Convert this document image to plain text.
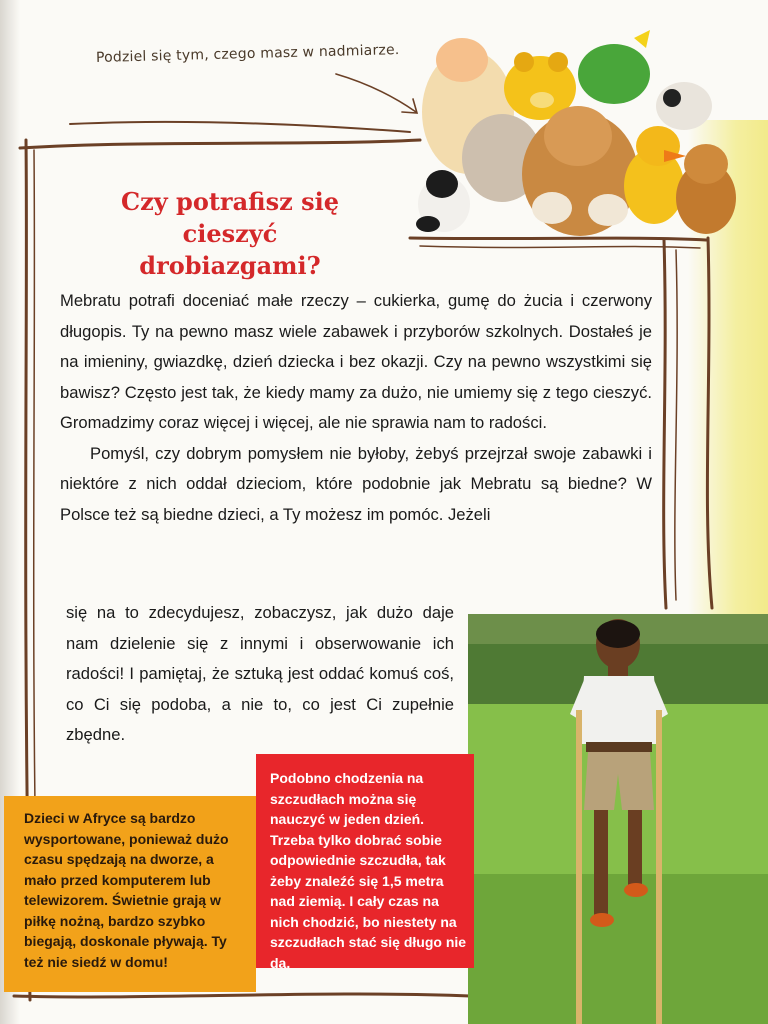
Podziel się tym, czego masz w nadmiarze.
Czy potrafisz się cieszyć
drobiazgami?

Mebratu potrafi doceniać małe rzeczy – cukierka, gumę do żucia i czerwony długopis. Ty na pewno masz wiele zabawek i przyborów szkolnych. Dostałeś je na imieniny, gwiazdkę, dzień dziecka i bez okazji. Czy na pewno wszystkimi się bawisz? Często jest tak, że kiedy mamy za dużo, nie umiemy się z tego cieszyć. Gromadzimy coraz więcej i więcej, ale nie sprawia nam to radości.

Pomyśl, czy dobrym pomysłem nie byłoby, żebyś przejrzał swoje zabawki i niektóre z nich oddał dzieciom, które podobnie jak Mebratu są biedne? W Polsce też są biedne dzieci, a Ty możesz im pomóc. Jeżeli

się na to zdecydujesz, zobaczysz, jak dużo daje nam dzielenie się z innymi i obserwowanie ich radości! I pamiętaj, że sztuką jest oddać komuś coś, co Ci się podoba, a nie to, co jest Ci zupełnie zbędne.
Dzieci w Afryce są bardzo wysportowane, ponieważ dużo czasu spędzają na dworze, a mało przed komputerem lub telewizorem. Świetnie grają w piłkę nożną, bardzo szybko biegają, doskonale pływają. Ty też nie siedź w domu!
Podobno chodzenia na szczudłach można się nauczyć w jeden dzień. Trzeba tylko dobrać sobie odpowiednie szczudła, tak żeby znaleźć się 1,5 metra nad ziemią. I cały czas na nich chodzić, bo niestety na szczudłach stać się długo nie da.
